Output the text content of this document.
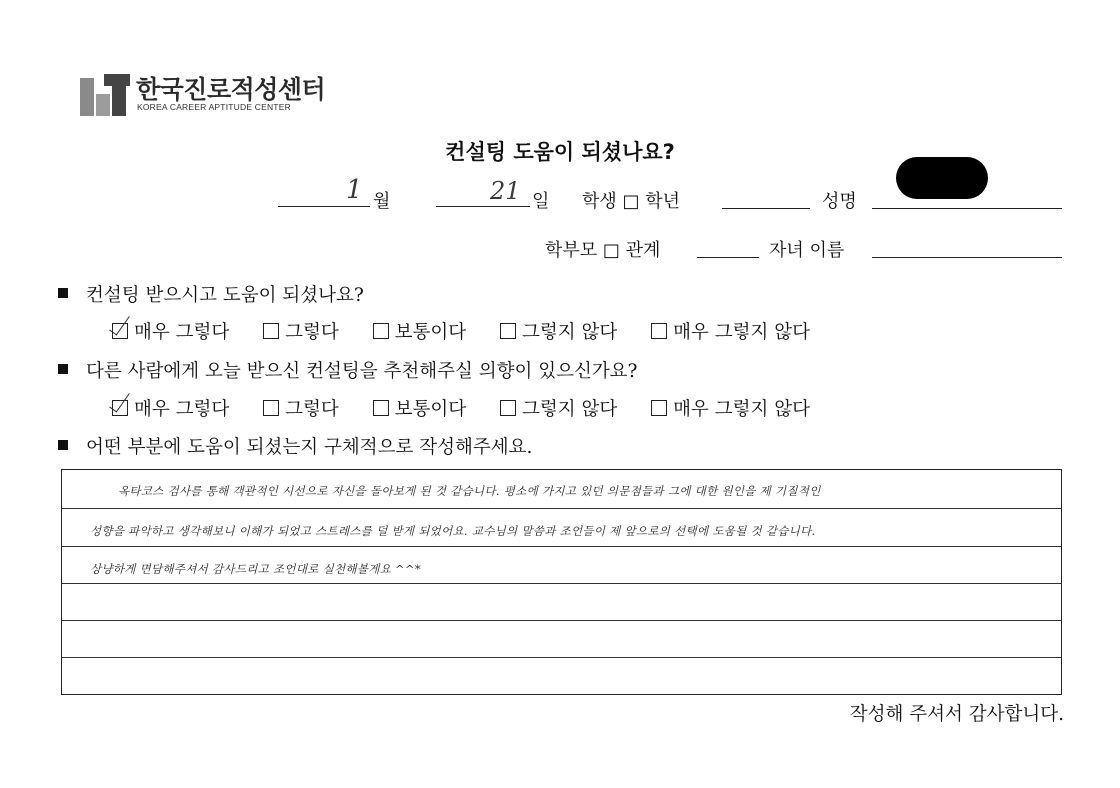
한국진로적성센터
KOREA CAREER APTITUDE CENTER
컨설팅 도움이 되셨나요?
1 월	21 일 학생 □ 학년	성명
학부모 □ 관계	자녀 이름
컨설팅 받으시고 도움이 되셨나요?
매우 그렇다	그렇다	보통이다	그렇지 않다	매우 그렇지 않다
다른 사람에게 오늘 받으신 컨설팅을 추천해주실 의향이 있으신가요?
매우 그렇다	그렇다	보통이다	그렇지 않다	매우 그렇지 않다
어떤 부분에 도움이 되셨는지 구체적으로 작성해주세요.
옥타코스 검사를 통해 객관적인 시선으로 자신을 돌아보게 된 것 같습니다. 평소에 가지고 있던 의문점들과 그에 대한 원인을 제 기질적인
성향을 파악하고 생각해보니 이해가 되었고 스트레스를 덜 받게 되었어요. 교수님의 말씀과 조언들이 제 앞으로의 선택에 도움될 것 같습니다.
상냥하게 면담해주셔서 감사드리고 조언대로 실천해볼게요 ^^*
작성해 주셔서 감사합니다.
